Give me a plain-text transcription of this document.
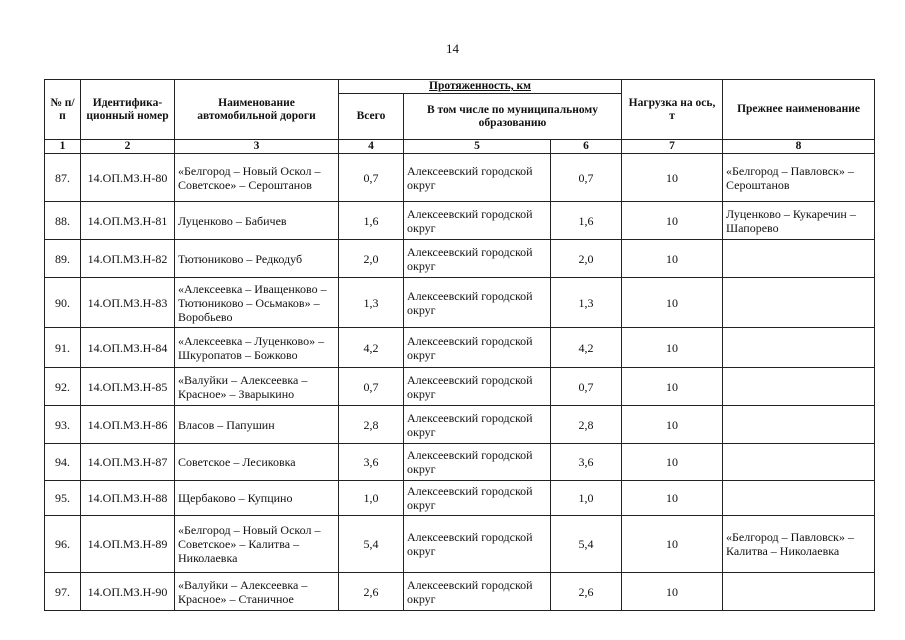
14
№ п/п	Идентифика-ционный номер	Наименование автомобильной дороги	Протяженность, км			Нагрузка на ось, т	Прежнее наименование
			Всего	В том числе по муниципальному образованию			
1	2	3	4	5	6	7	8
87.	14.ОП.МЗ.Н-80	«Белгород – Новый Оскол – Советское» – Сероштанов	0,7	Алексеевский городской округ	0,7	10	«Белгород – Павловск» – Сероштанов
88.	14.ОП.МЗ.Н-81	Луценково – Бабичев	1,6	Алексеевский городской округ	1,6	10	Луценково – Кукаречин – Шапорево
89.	14.ОП.МЗ.Н-82	Тютюниково – Редкодуб	2,0	Алексеевский городской округ	2,0	10	
90.	14.ОП.МЗ.Н-83	«Алексеевка – Иващенково – Тютюниково – Осьмаков» – Воробьево	1,3	Алексеевский городской округ	1,3	10	
91.	14.ОП.МЗ.Н-84	«Алексеевка – Луценково» – Шкуропатов – Божково	4,2	Алексеевский городской округ	4,2	10	
92.	14.ОП.МЗ.Н-85	«Валуйки – Алексеевка – Красное» – Зварыкино	0,7	Алексеевский городской округ	0,7	10	
93.	14.ОП.МЗ.Н-86	Власов – Папушин	2,8	Алексеевский городской округ	2,8	10	
94.	14.ОП.МЗ.Н-87	Советское – Лесиковка	3,6	Алексеевский городской округ	3,6	10	
95.	14.ОП.МЗ.Н-88	Щербаково – Купцино	1,0	Алексеевский городской округ	1,0	10	
96.	14.ОП.МЗ.Н-89	«Белгород – Новый Оскол – Советское» – Калитва – Николаевка	5,4	Алексеевский городской округ	5,4	10	«Белгород – Павловск» – Калитва – Николаевка
97.	14.ОП.МЗ.Н-90	«Валуйки – Алексеевка – Красное» – Станичное	2,6	Алексеевский городской округ	2,6	10	
